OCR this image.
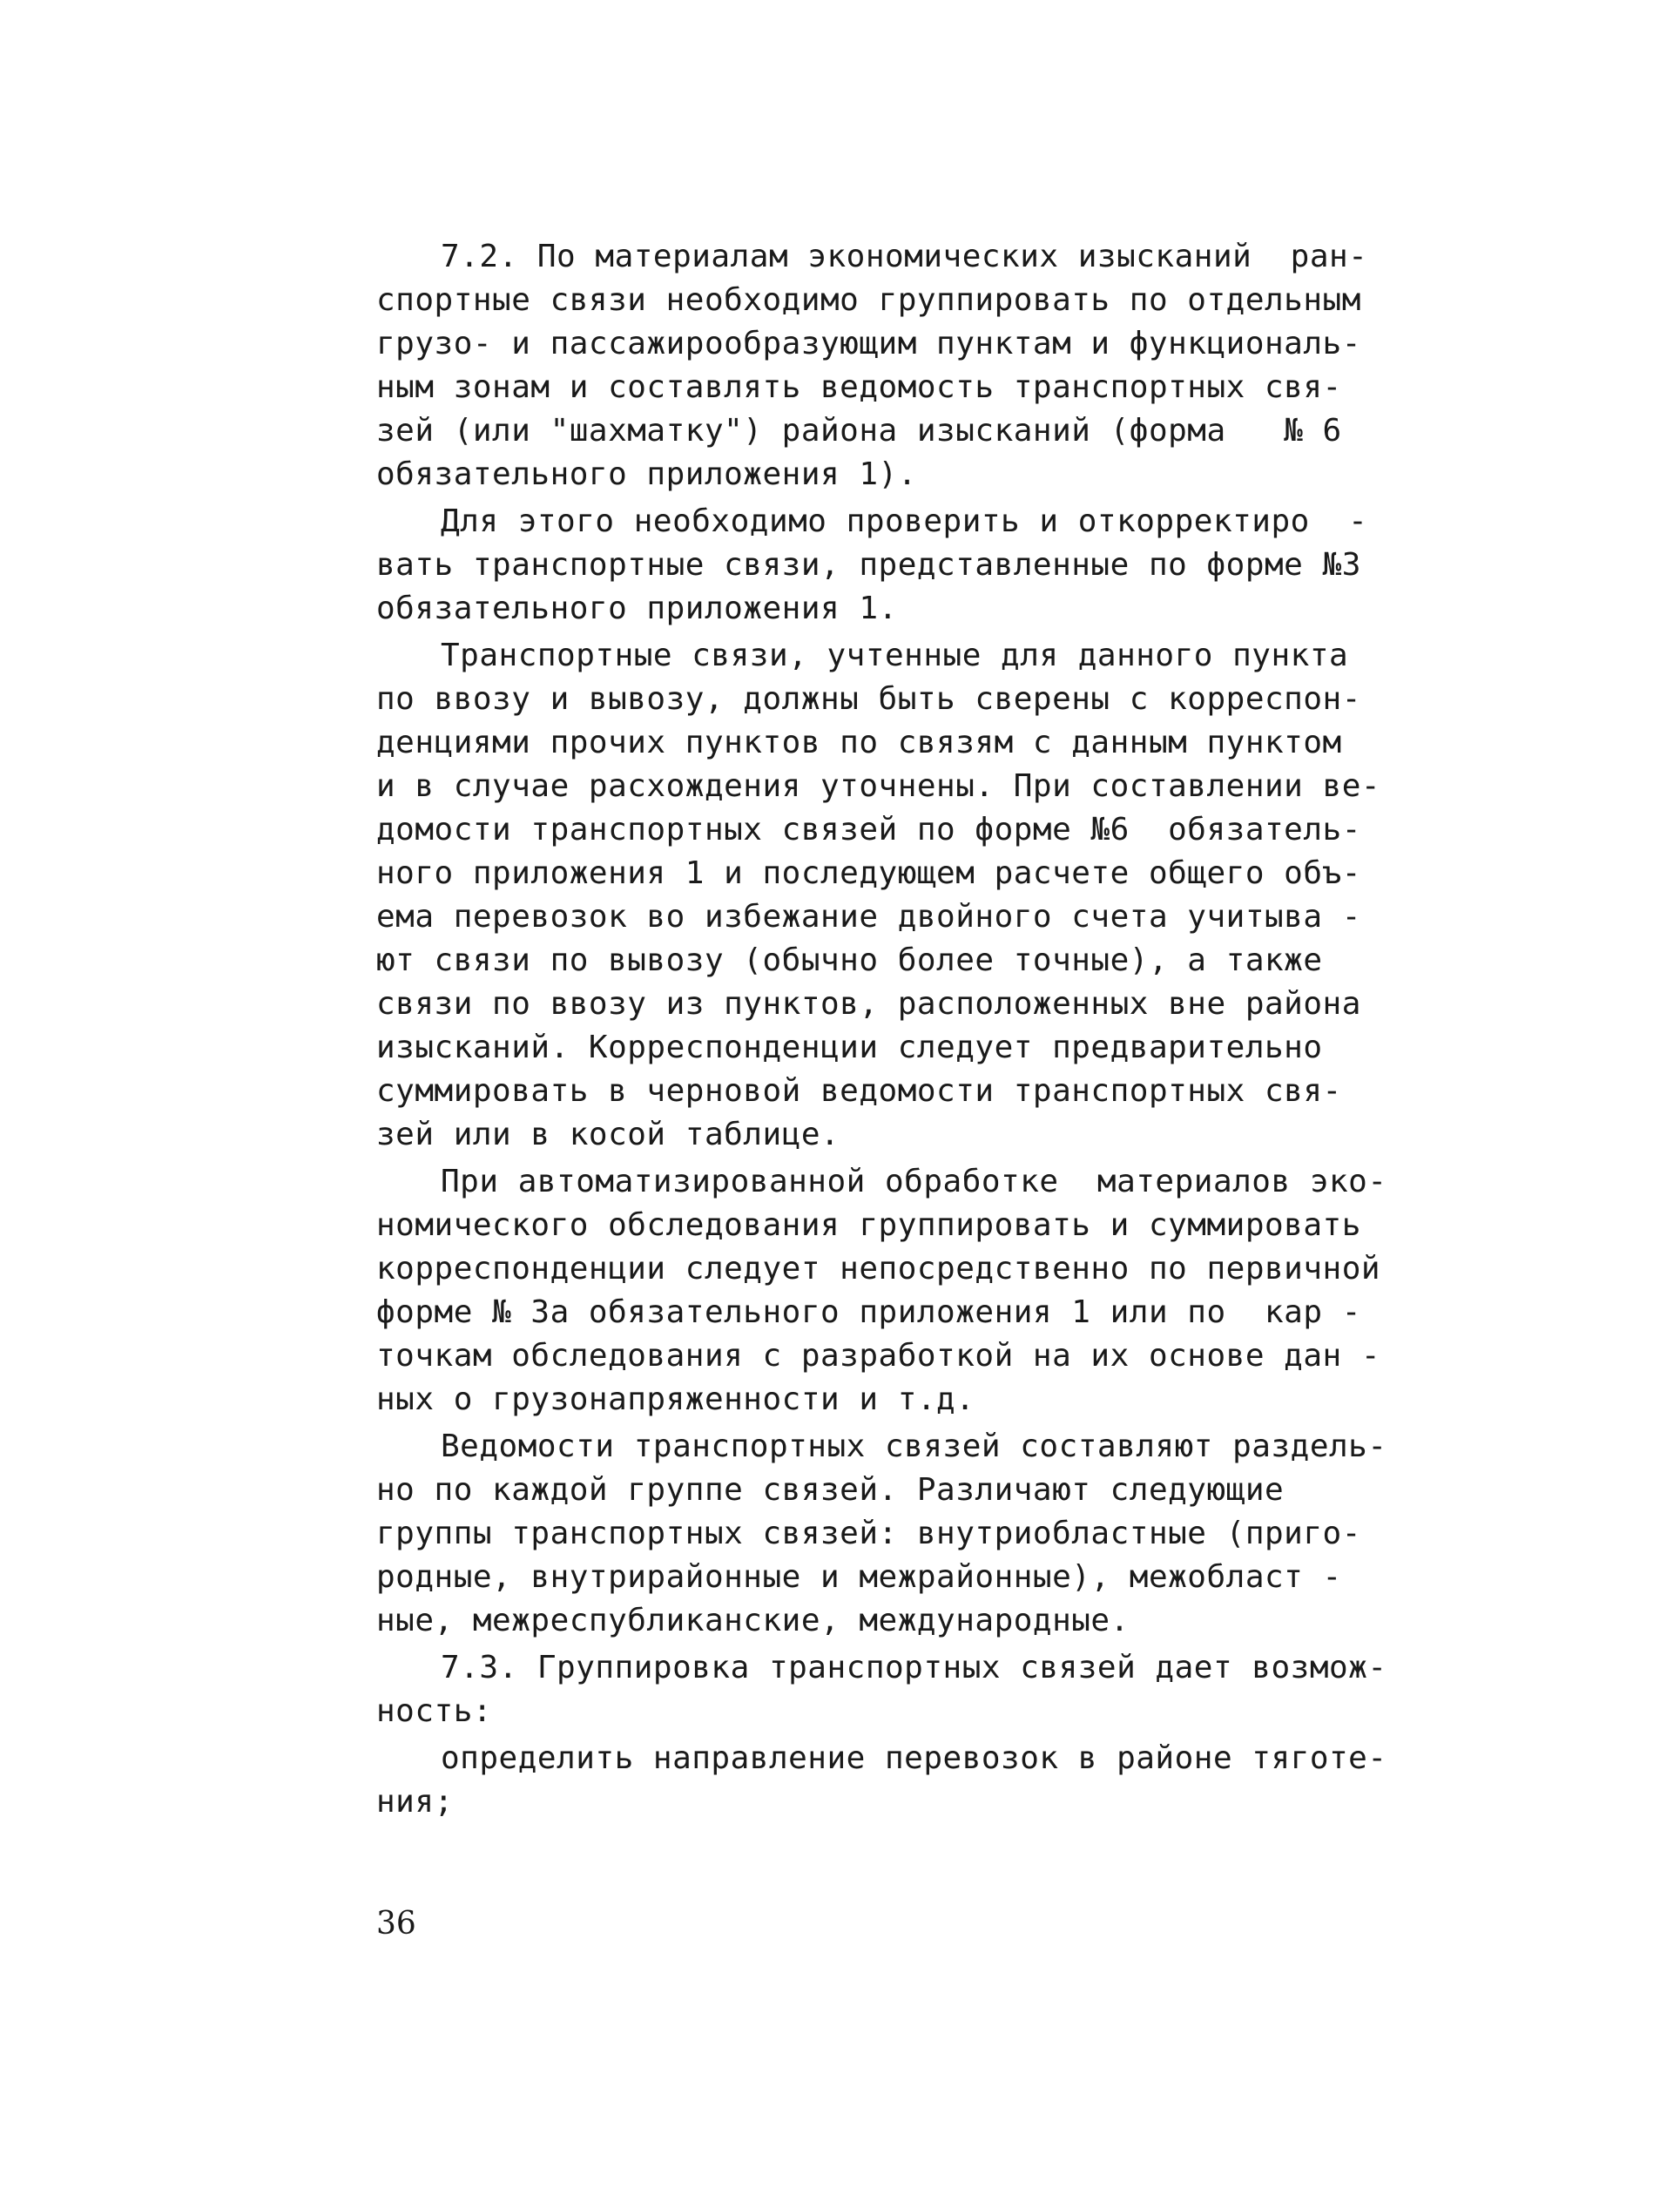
7.2. По материалам экономических изысканий  ран-
спортные связи необходимо группировать по отдельным
грузо- и пассажирообразующим пунктам и функциональ-
ным зонам и составлять ведомость транспортных свя-
зей (или "шахматку") района изысканий (форма   № 6
обязательного приложения 1).

Для этого необходимо проверить и откорректиро  -
вать транспортные связи, представленные по форме №3
обязательного приложения 1.

Транспортные связи, учтенные для данного пункта
по ввозу и вывозу, должны быть сверены с корреспон-
денциями прочих пунктов по связям с данным пунктом
и в случае расхождения уточнены. При составлении ве-
домости транспортных связей по форме №6  обязатель-
ного приложения 1 и последующем расчете общего объ-
ема перевозок во избежание двойного счета учитыва -
ют связи по вывозу (обычно более точные), а также
связи по ввозу из пунктов, расположенных вне района
изысканий. Корреспонденции следует предварительно
суммировать в черновой ведомости транспортных свя-
зей или в косой таблице.

При автоматизированной обработке  материалов эко-
номического обследования группировать и суммировать
корреспонденции следует непосредственно по первичной
форме № 3а обязательного приложения 1 или по  кар -
точкам обследования с разработкой на их основе дан -
ных о грузонапряженности и т.д.

Ведомости транспортных связей составляют раздель-
но по каждой группе связей. Различают следующие
группы транспортных связей: внутриобластные (приго-
родные, внутрирайонные и межрайонные), межобласт -
ные, межреспубликанские, международные.

7.3. Группировка транспортных связей дает возмож-
ность:

определить направление перевозок в районе тяготе-
ния;

36
